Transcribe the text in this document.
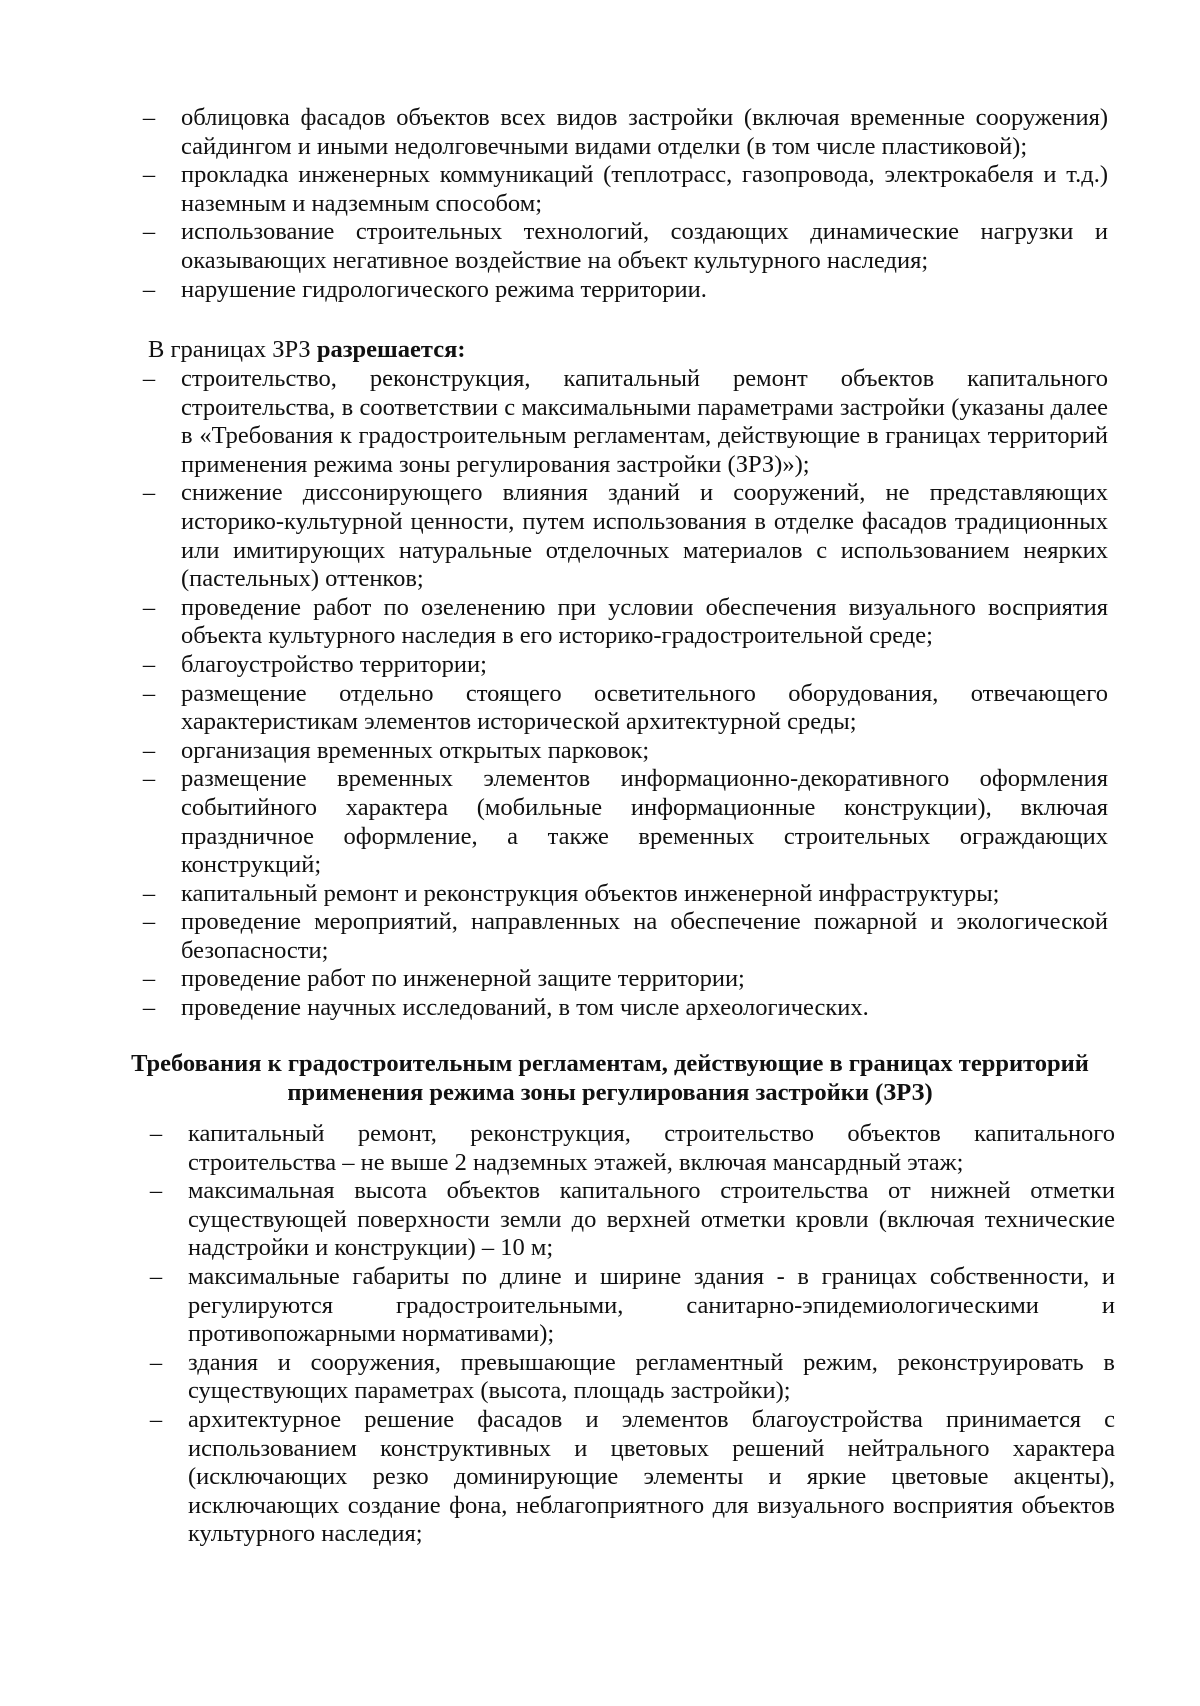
– облицовка фасадов объектов всех видов застройки (включая временные сооружения) сайдингом и иными недолговечными видами отделки (в том числе пластиковой);
– прокладка инженерных коммуникаций (теплотрасс, газопровода, электрокабеля и т.д.) наземным и надземным способом;
– использование строительных технологий, создающих динамические нагрузки и оказывающих негативное воздействие на объект культурного наследия;
– нарушение гидрологического режима территории.

В границах ЗРЗ разрешается:

– строительство, реконструкция, капитальный ремонт объектов капитального строительства, в соответствии с максимальными параметрами застройки (указаны далее в «Требования к градостроительным регламентам, действующие в границах территорий применения режима зоны регулирования застройки (ЗРЗ)»);
– снижение диссонирующего влияния зданий и сооружений, не представляющих историко-культурной ценности, путем использования в отделке фасадов традиционных или имитирующих натуральные отделочных материалов с использованием неярких (пастельных) оттенков;
– проведение работ по озеленению при условии обеспечения визуального восприятия объекта культурного наследия в его историко-градостроительной среде;
– благоустройство территории;
– размещение отдельно стоящего осветительного оборудования, отвечающего характеристикам элементов исторической архитектурной среды;
– организация временных открытых парковок;
– размещение временных элементов информационно-декоративного оформления событийного характера (мобильные информационные конструкции), включая праздничное оформление, а также временных строительных ограждающих конструкций;
– капитальный ремонт и реконструкция объектов инженерной инфраструктуры;
– проведение мероприятий, направленных на обеспечение пожарной и экологической безопасности;
– проведение работ по инженерной защите территории;
– проведение научных исследований, в том числе археологических.
Требования к градостроительным регламентам, действующие в границах территорий
применения режима зоны регулирования застройки (ЗРЗ)
– капитальный ремонт, реконструкция, строительство объектов капитального строительства – не выше 2 надземных этажей, включая мансардный этаж;
– максимальная высота объектов капитального строительства от нижней отметки существующей поверхности земли до верхней отметки кровли (включая технические надстройки и конструкции) – 10 м;
– максимальные габариты по длине и ширине здания - в границах собственности, и регулируются градостроительными, санитарно-эпидемиологическими и противопожарными нормативами);
– здания и сооружения, превышающие регламентный режим, реконструировать в существующих параметрах (высота, площадь застройки);
– архитектурное решение фасадов и элементов благоустройства принимается с использованием конструктивных и цветовых решений нейтрального характера (исключающих резко доминирующие элементы и яркие цветовые акценты), исключающих создание фона, неблагоприятного для визуального восприятия объектов культурного наследия;
